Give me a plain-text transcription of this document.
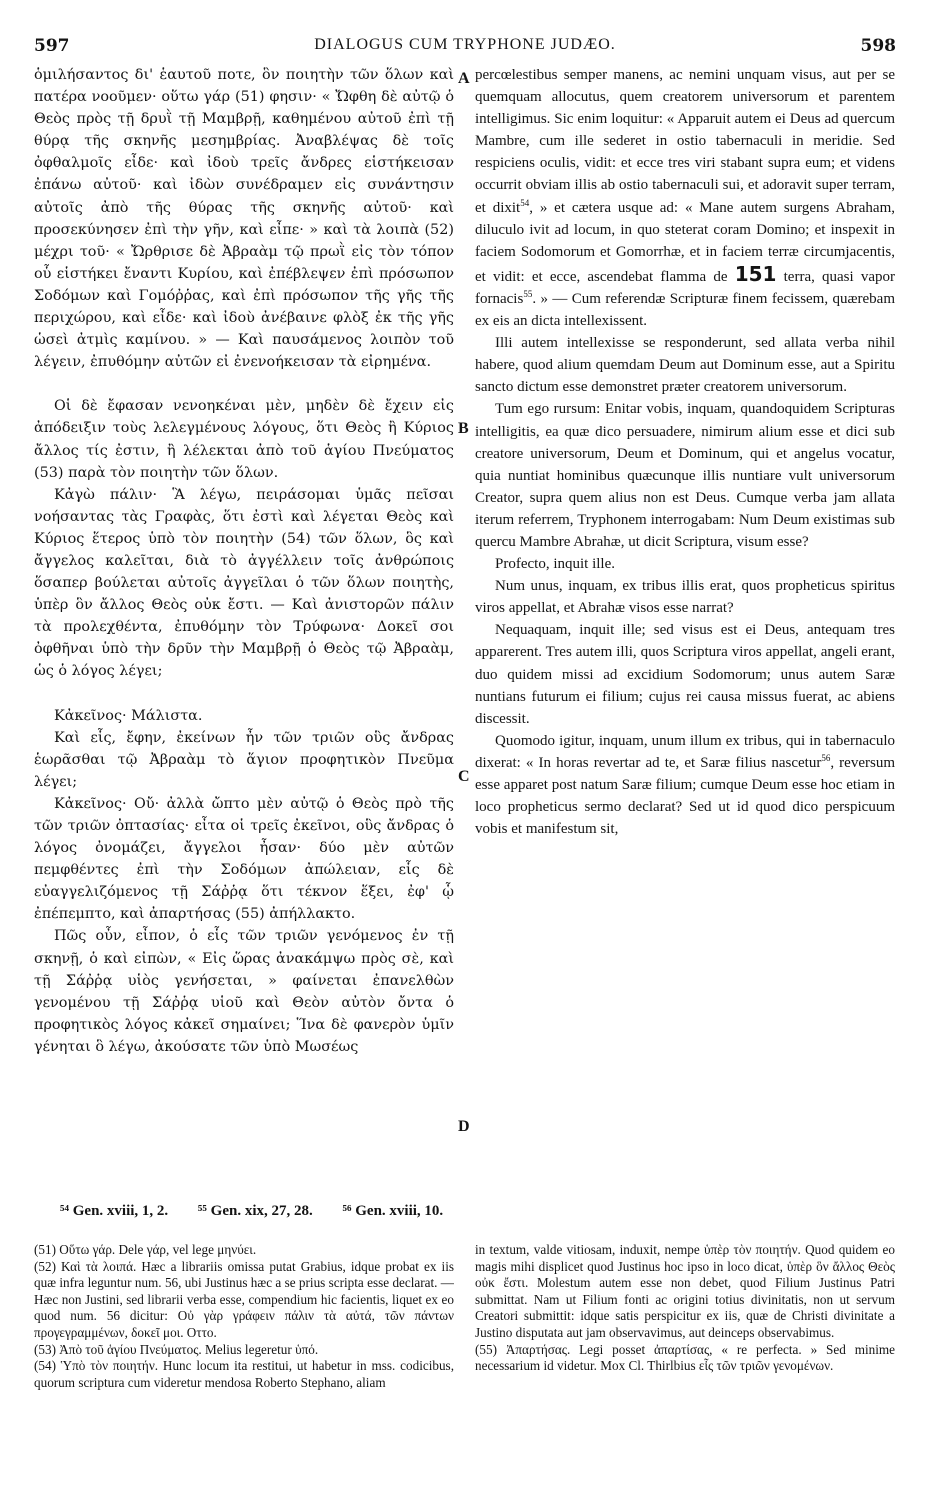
597	DIALOGUS CUM TRYPHONE JUDÆO.	598

ὁμιλήσαντος δι' ἑαυτοῦ ποτε, ὃν ποιητὴν τῶν ὅλων καὶ πατέρα νοοῦμεν· οὕτω γάρ (51) φησιν· « Ὤφθη δὲ αὐτῷ ὁ Θεὸς πρὸς τῇ δρυῒ τῇ Μαμβρῇ, καθημένου αὐτοῦ ἐπὶ τῇ θύρᾳ τῆς σκηνῆς μεσημβρίας. Ἀναβλέψας δὲ τοῖς ὀφθαλμοῖς εἶδε· καὶ ἰδοὺ τρεῖς ἄνδρες εἱστήκεισαν ἐπάνω αὐτοῦ· καὶ ἰδὼν συνέδραμεν εἰς συνάντησιν αὐτοῖς ἀπὸ τῆς θύρας τῆς σκηνῆς αὐτοῦ· καὶ προσεκύνησεν ἐπὶ τὴν γῆν, καὶ εἶπε· » καὶ τὰ λοιπὰ (52) μέχρι τοῦ· « Ὤρθρισε δὲ Ἀβραὰμ τῷ πρωῒ εἰς τὸν τόπον οὗ εἱστήκει ἔναντι Κυρίου, καὶ ἐπέβλεψεν ἐπὶ πρόσωπον Σοδόμων καὶ Γομόῤῥας, καὶ ἐπὶ πρόσωπον τῆς γῆς τῆς περιχώρου, καὶ εἶδε· καὶ ἰδοὺ ἀνέβαινε φλὸξ ἐκ τῆς γῆς ὡσεὶ ἀτμὶς καμίνου. » — Καὶ παυσάμενος λοιπὸν τοῦ λέγειν, ἐπυθόμην αὐτῶν εἰ ἐνενοήκεισαν τὰ εἰρημένα.

Οἱ δὲ ἔφασαν νενοηκέναι μὲν, μηδὲν δὲ ἔχειν εἰς ἀπόδειξιν τοὺς λελεγμένους λόγους, ὅτι Θεὸς ἢ Κύριος ἄλλος τίς ἐστιν, ἢ λέλεκται ἀπὸ τοῦ ἁγίου Πνεύματος (53) παρὰ τὸν ποιητὴν τῶν ὅλων.

Κἀγὼ πάλιν· Ἃ λέγω, πειράσομαι ὑμᾶς πεῖσαι νοήσαντας τὰς Γραφὰς, ὅτι ἐστὶ καὶ λέγεται Θεὸς καὶ Κύριος ἕτερος ὑπὸ τὸν ποιητὴν (54) τῶν ὅλων, ὃς καὶ ἄγγελος καλεῖται, διὰ τὸ ἀγγέλλειν τοῖς ἀνθρώποις ὅσαπερ βούλεται αὐτοῖς ἀγγεῖλαι ὁ τῶν ὅλων ποιητὴς, ὑπὲρ ὃν ἄλλος Θεὸς οὐκ ἔστι. — Καὶ ἀνιστορῶν πάλιν τὰ προλεχθέντα, ἐπυθόμην τὸν Τρύφωνα· Δοκεῖ σοι ὀφθῆναι ὑπὸ τὴν δρῦν τὴν Μαμβρῇ ὁ Θεὸς τῷ Ἀβραὰμ, ὡς ὁ λόγος λέγει;

Κἀκεῖνος· Μάλιστα.

Καὶ εἷς, ἔφην, ἐκείνων ἦν τῶν τριῶν οὓς ἄνδρας ἑωρᾶσθαι τῷ Ἀβραὰμ τὸ ἅγιον προφητικὸν Πνεῦμα λέγει;

Κἀκεῖνος· Οὔ· ἀλλὰ ὤπτο μὲν αὐτῷ ὁ Θεὸς πρὸ τῆς τῶν τριῶν ὀπτασίας· εἶτα οἱ τρεῖς ἐκεῖνοι, οὓς ἄνδρας ὁ λόγος ὀνομάζει, ἄγγελοι ἦσαν· δύο μὲν αὐτῶν πεμφθέντες ἐπὶ τὴν Σοδόμων ἀπώλειαν, εἷς δὲ εὐαγγελιζόμενος τῇ Σάῤῥᾳ ὅτι τέκνον ἕξει, ἐφ' ᾧ ἐπέπεμπτο, καὶ ἀπαρτήσας (55) ἀπήλλακτο.

Πῶς οὖν, εἶπον, ὁ εἷς τῶν τριῶν γενόμενος ἐν τῇ σκηνῇ, ὁ καὶ εἰπὼν, « Εἰς ὥρας ἀνακάμψω πρὸς σὲ, καὶ τῇ Σάῤῥᾳ υἱὸς γενήσεται, » φαίνεται ἐπανελθὼν γενομένου τῇ Σάῤῥᾳ υἱοῦ καὶ Θεὸν αὐτὸν ὄντα ὁ προφητικὸς λόγος κἀκεῖ σημαίνει; Ἵνα δὲ φανερὸν ὑμῖν γένηται ὃ λέγω, ἀκούσατε τῶν ὑπὸ Μωσέως

A
B
C
D

percœlestibus semper manens, ac nemini unquam visus, aut per se quemquam allocutus, quem creatorem universorum et parentem intelligimus. Sic enim loquitur: « Apparuit autem ei Deus ad quercum Mambre, cum ille sederet in ostio tabernaculi in meridie. Sed respiciens oculis, vidit: et ecce tres viri stabant supra eum; et videns occurrit obviam illis ab ostio tabernaculi sui, et adoravit super terram, et dixit$^{54}$, » et cætera usque ad: « Mane autem surgens Abraham, diluculo ivit ad locum, in quo steterat coram Domino; et inspexit in faciem Sodomorum et Gomorrhæ, et in faciem terræ circumjacentis, et vidit: et ecce, ascendebat flamma de 151 terra, quasi vapor fornacis$^{55}$. » — Cum referendæ Scripturæ finem fecissem, quærebam ex eis an dicta intellexissent.

Illi autem intellexisse se responderunt, sed allata verba nihil habere, quod alium quemdam Deum aut Dominum esse, aut a Spiritu sancto dictum esse demonstret præter creatorem universorum.

Tum ego rursum: Enitar vobis, inquam, quandoquidem Scripturas intelligitis, ea quæ dico persuadere, nimirum alium esse et dici sub creatore universorum, Deum et Dominum, qui et angelus vocatur, quia nuntiat hominibus quæcunque illis nuntiare vult universorum Creator, supra quem alius non est Deus. Cumque verba jam allata iterum referrem, Tryphonem interrogabam: Num Deum existimas sub quercu Mambre Abrahæ, ut dicit Scriptura, visum esse?

Profecto, inquit ille.

Num unus, inquam, ex tribus illis erat, quos propheticus spiritus viros appellat, et Abrahæ visos esse narrat?

Nequaquam, inquit ille; sed visus est ei Deus, antequam tres apparerent. Tres autem illi, quos Scriptura viros appellat, angeli erant, duo quidem missi ad excidium Sodomorum; unus autem Saræ nuntians futurum ei filium; cujus rei causa missus fuerat, ac abiens discessit.

Quomodo igitur, inquam, unum illum ex tribus, qui in tabernaculo dixerat: « In horas revertar ad te, et Saræ filius nascetur$^{56}$, reversum esse apparet post natum Saræ filium; cumque Deum esse hoc etiam in loco propheticus sermo declarat? Sed ut id quod dico perspicuum vobis et manifestum sit,

⁵⁴ Gen. xviii, 1, 2. ⁵⁵ Gen. xix, 27, 28. ⁵⁶ Gen. xviii, 10.

(51) Οὕτω γάρ. Dele γάρ, vel lege μηνύει.

(52) Καὶ τὰ λοιπά. Hæc a librariis omissa putat Grabius, idque probat ex iis quæ infra leguntur num. 56, ubi Justinus hæc a se prius scripta esse declarat. — Hæc non Justini, sed librarii verba esse, compendium hic facientis, liquet ex eo quod num. 56 dicitur: Οὐ γὰρ γράφειν πάλιν τὰ αὐτά, τῶν πάντων προγεγραμμένων, δοκεῖ μοι. Οττο.

(53) Ἀπὸ τοῦ ἁγίου Πνεύματος. Melius legeretur ὑπό.

(54) Ὑπὸ τὸν ποιητήν. Hunc locum ita restitui, ut habetur in mss. codicibus, quorum scriptura cum videretur mendosa Roberto Stephano, aliam

in textum, valde vitiosam, induxit, nempe ὑπὲρ τὸν ποιητήν. Quod quidem eo magis mihi displicet quod Justinus hoc ipso in loco dicat, ὑπὲρ ὃν ἄλλος Θεὸς οὐκ ἔστι. Molestum autem esse non debet, quod Filium Justinus Patri submittat. Nam ut Filium fonti ac origini totius divinitatis, non ut servum Creatori submittit: idque satis perspicitur ex iis, quæ de Christi divinitate a Justino disputata aut jam observavimus, aut deinceps observabimus.

(55) Ἀπαρτήσας. Legi posset ἀπαρτίσας, « re perfecta. » Sed minime necessarium id videtur. Mox Cl. Thirlbius εἷς τῶν τριῶν γενομένων.
